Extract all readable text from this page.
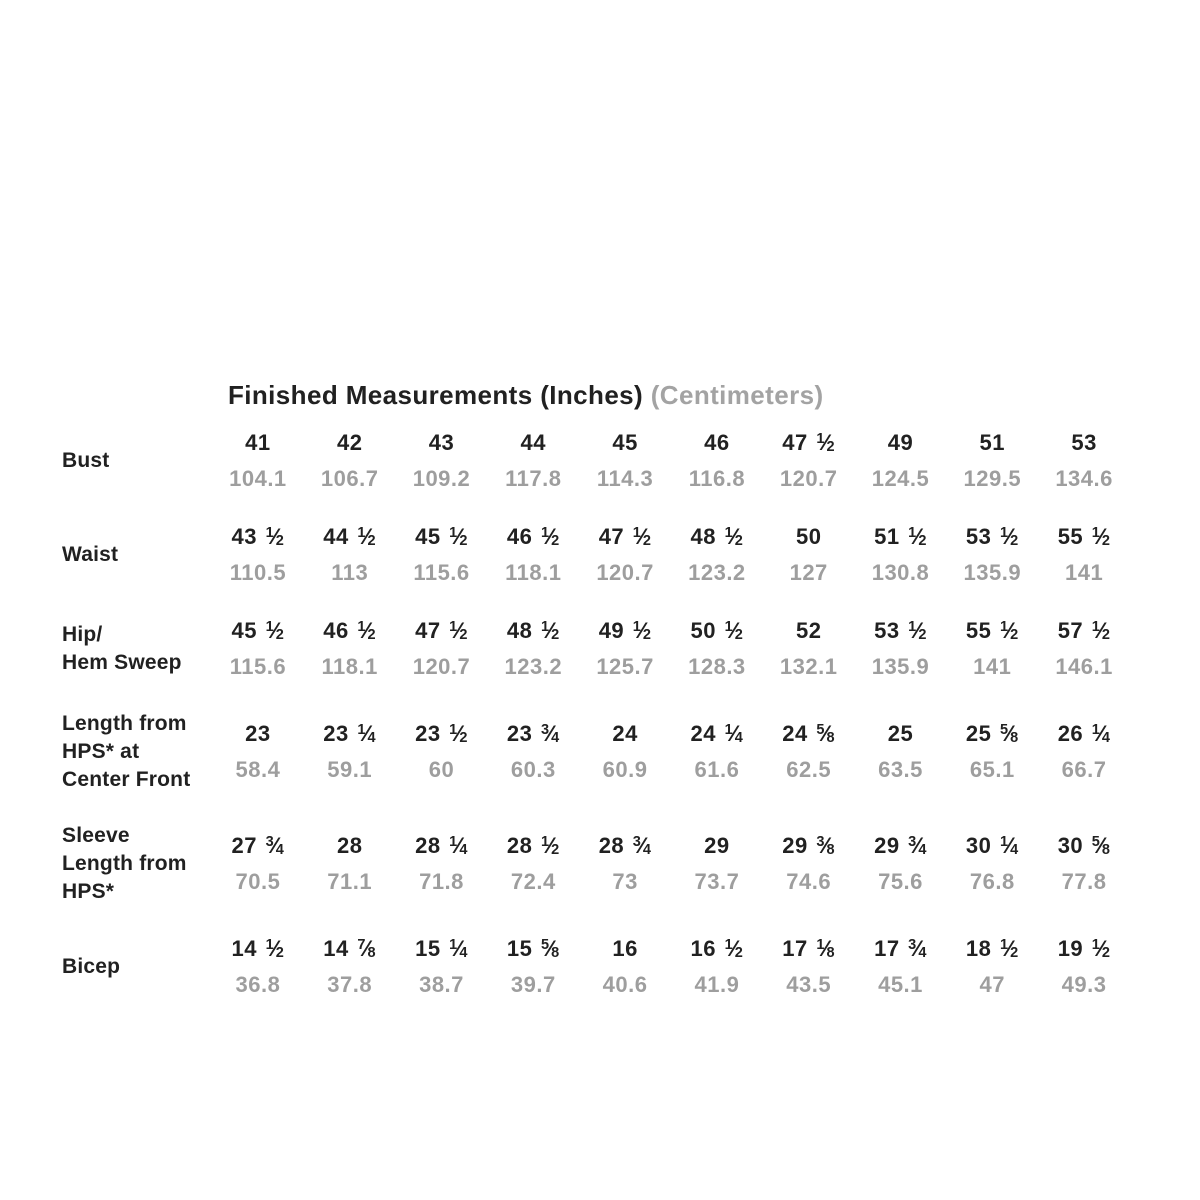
Finished Measurements (Inches) (Centimeters)
Bust
41
104.1
42
106.7
43
109.2
44
117.8
45
114.3
46
116.8
47 $^1⁄_2$
120.7
49
124.5
51
129.5
53
134.6
Waist
43 $^1⁄_2$
110.5
44 $^1⁄_2$
113
45 $^1⁄_2$
115.6
46 $^1⁄_2$
118.1
47 $^1⁄_2$
120.7
48 $^1⁄_2$
123.2
50
127
51 $^1⁄_2$
130.8
53 $^1⁄_2$
135.9
55 $^1⁄_2$
141
Hip/
Hem Sweep
45 $^1⁄_2$
115.6
46 $^1⁄_2$
118.1
47 $^1⁄_2$
120.7
48 $^1⁄_2$
123.2
49 $^1⁄_2$
125.7
50 $^1⁄_2$
128.3
52
132.1
53 $^1⁄_2$
135.9
55 $^1⁄_2$
141
57 $^1⁄_2$
146.1
Length from
HPS* at
Center Front
23
58.4
23 $^1⁄_4$
59.1
23 $^1⁄_2$
60
23 $^3⁄_4$
60.3
24
60.9
24 $^1⁄_4$
61.6
24 $^5⁄_8$
62.5
25
63.5
25 $^5⁄_8$
65.1
26 $^1⁄_4$
66.7
Sleeve
Length from
HPS*
27 $^3⁄_4$
70.5
28
71.1
28 $^1⁄_4$
71.8
28 $^1⁄_2$
72.4
28 $^3⁄_4$
73
29
73.7
29 $^3⁄_8$
74.6
29 $^3⁄_4$
75.6
30 $^1⁄_4$
76.8
30 $^5⁄_8$
77.8
Bicep
14 $^1⁄_2$
36.8
14 $^7⁄_8$
37.8
15 $^1⁄_4$
38.7
15 $^5⁄_8$
39.7
16
40.6
16 $^1⁄_2$
41.9
17 $^1⁄_8$
43.5
17 $^3⁄_4$
45.1
18 $^1⁄_2$
47
19 $^1⁄_2$
49.3
